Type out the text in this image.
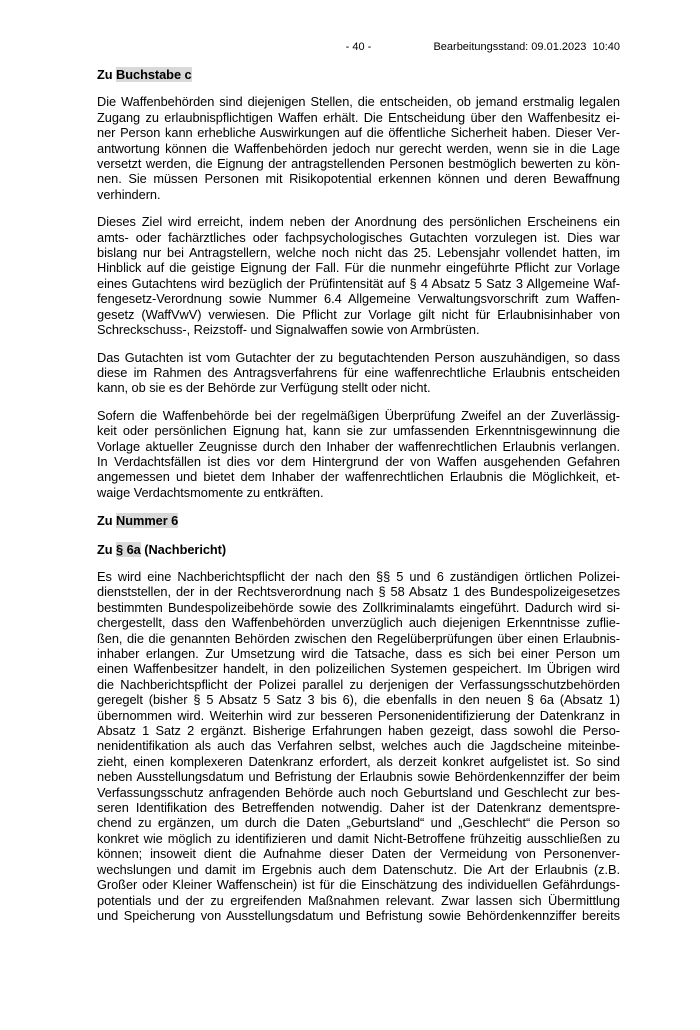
- 40 -	Bearbeitungsstand: 09.01.2023  10:40
Zu Buchstabe c
Die Waffenbehörden sind diejenigen Stellen, die entscheiden, ob jemand erstmalig legalen
Zugang zu erlaubnispflichtigen Waffen erhält. Die Entscheidung über den Waffenbesitz ei-
ner Person kann erhebliche Auswirkungen auf die öffentliche Sicherheit haben. Dieser Ver-
antwortung können die Waffenbehörden jedoch nur gerecht werden, wenn sie in die Lage
versetzt werden, die Eignung der antragstellenden Personen bestmöglich bewerten zu kön-
nen. Sie müssen Personen mit Risikopotential erkennen können und deren Bewaffnung
verhindern.
Dieses Ziel wird erreicht, indem neben der Anordnung des persönlichen Erscheinens ein
amts- oder fachärztliches oder fachpsychologisches Gutachten vorzulegen ist. Dies war
bislang nur bei Antragstellern, welche noch nicht das 25. Lebensjahr vollendet hatten, im
Hinblick auf die geistige Eignung der Fall. Für die nunmehr eingeführte Pflicht zur Vorlage
eines Gutachtens wird bezüglich der Prüfintensität auf § 4 Absatz 5 Satz 3 Allgemeine Waf-
fengesetz-Verordnung sowie Nummer 6.4 Allgemeine Verwaltungsvorschrift zum Waffen-
gesetz (WaffVwV) verwiesen. Die Pflicht zur Vorlage gilt nicht für Erlaubnisinhaber von
Schreckschuss-, Reizstoff- und Signalwaffen sowie von Armbrüsten.
Das Gutachten ist vom Gutachter der zu begutachtenden Person auszuhändigen, so dass
diese im Rahmen des Antragsverfahrens für eine waffenrechtliche Erlaubnis entscheiden
kann, ob sie es der Behörde zur Verfügung stellt oder nicht.
Sofern die Waffenbehörde bei der regelmäßigen Überprüfung Zweifel an der Zuverlässig-
keit oder persönlichen Eignung hat, kann sie zur umfassenden Erkenntnisgewinnung die
Vorlage aktueller Zeugnisse durch den Inhaber der waffenrechtlichen Erlaubnis verlangen.
In Verdachtsfällen ist dies vor dem Hintergrund der von Waffen ausgehenden Gefahren
angemessen und bietet dem Inhaber der waffenrechtlichen Erlaubnis die Möglichkeit, et-
waige Verdachtsmomente zu entkräften.
Zu Nummer 6
Zu § 6a (Nachbericht)
Es wird eine Nachberichtspflicht der nach den §§ 5 und 6 zuständigen örtlichen Polizei-
dienststellen, der in der Rechtsverordnung nach § 58 Absatz 1 des Bundespolizeigesetzes
bestimmten Bundespolizeibehörde sowie des Zollkriminalamts eingeführt. Dadurch wird si-
chergestellt, dass den Waffenbehörden unverzüglich auch diejenigen Erkenntnisse zuflie-
ßen, die die genannten Behörden zwischen den Regelüberprüfungen über einen Erlaubnis-
inhaber erlangen. Zur Umsetzung wird die Tatsache, dass es sich bei einer Person um
einen Waffenbesitzer handelt, in den polizeilichen Systemen gespeichert. Im Übrigen wird
die Nachberichtspflicht der Polizei parallel zu derjenigen der Verfassungsschutzbehörden
geregelt (bisher § 5 Absatz 5 Satz 3 bis 6), die ebenfalls in den neuen § 6a (Absatz 1)
übernommen wird. Weiterhin wird zur besseren Personenidentifizierung der Datenkranz in
Absatz 1 Satz 2 ergänzt. Bisherige Erfahrungen haben gezeigt, dass sowohl die Perso-
nenidentifikation als auch das Verfahren selbst, welches auch die Jagdscheine miteinbe-
zieht, einen komplexeren Datenkranz erfordert, als derzeit konkret aufgelistet ist. So sind
neben Ausstellungsdatum und Befristung der Erlaubnis sowie Behördenkennziffer der beim
Verfassungsschutz anfragenden Behörde auch noch Geburtsland und Geschlecht zur bes-
seren Identifikation des Betreffenden notwendig. Daher ist der Datenkranz dementspre-
chend zu ergänzen, um durch die Daten „Geburtsland“ und „Geschlecht“ die Person so
konkret wie möglich zu identifizieren und damit Nicht-Betroffene frühzeitig ausschließen zu
können; insoweit dient die Aufnahme dieser Daten der Vermeidung von Personenver-
wechslungen und damit im Ergebnis auch dem Datenschutz. Die Art der Erlaubnis (z.B.
Großer oder Kleiner Waffenschein) ist für die Einschätzung des individuellen Gefährdungs-
potentials und der zu ergreifenden Maßnahmen relevant. Zwar lassen sich Übermittlung
und Speicherung von Ausstellungsdatum und Befristung sowie Behördenkennziffer bereits
